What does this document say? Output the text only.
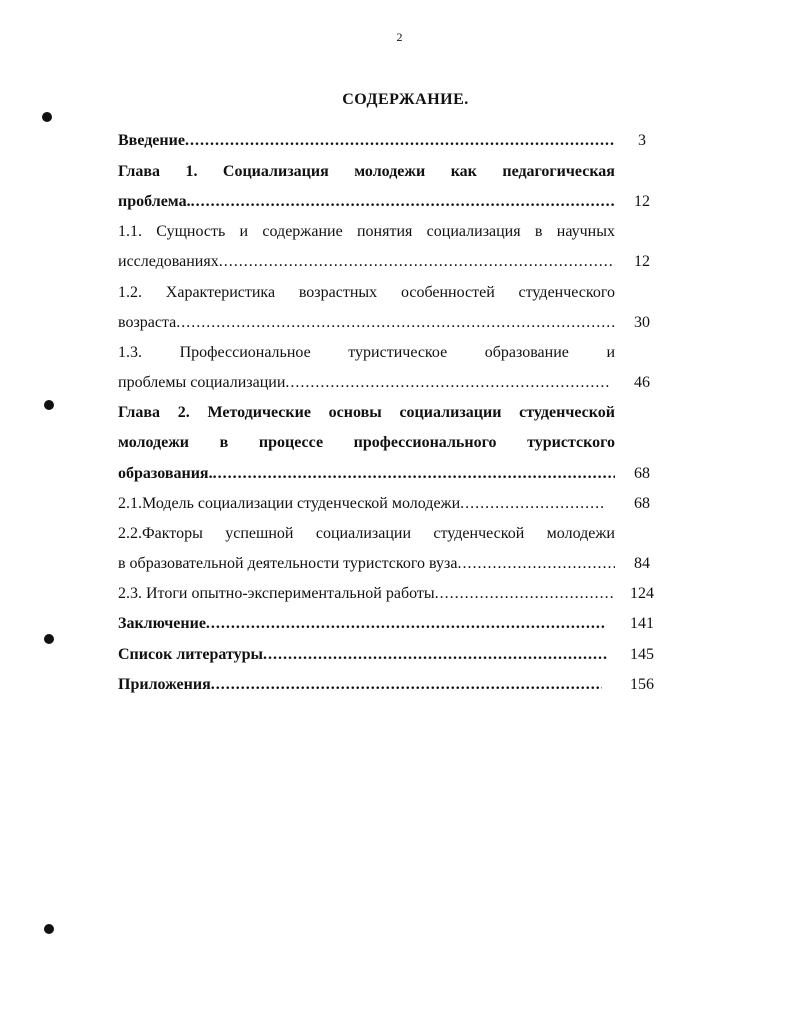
2
СОДЕРЖАНИЕ.
Введение .....	3
Глава 1. Социализация молодежи как педагогическая
проблема. .....	12
1.1. Сущность и содержание понятия социализация в научных
исследованиях .....	12
1.2. Характеристика возрастных особенностей студенческого
возраста .....	30
1.3. Профессиональное туристическое образование и
проблемы социализации .....	46
Глава 2. Методические основы социализации студенческой
молодежи в процессе профессионального туристского
образования. .....	68
2.1.Модель социализации студенческой молодежи .....	68
2.2.Факторы успешной социализации студенческой молодежи
в образовательной деятельности туристского вуза .....	84
2.3. Итоги опытно-экспериментальной работы .....	124
Заключение .....	141
Список литературы .....	145
Приложения .....	156
